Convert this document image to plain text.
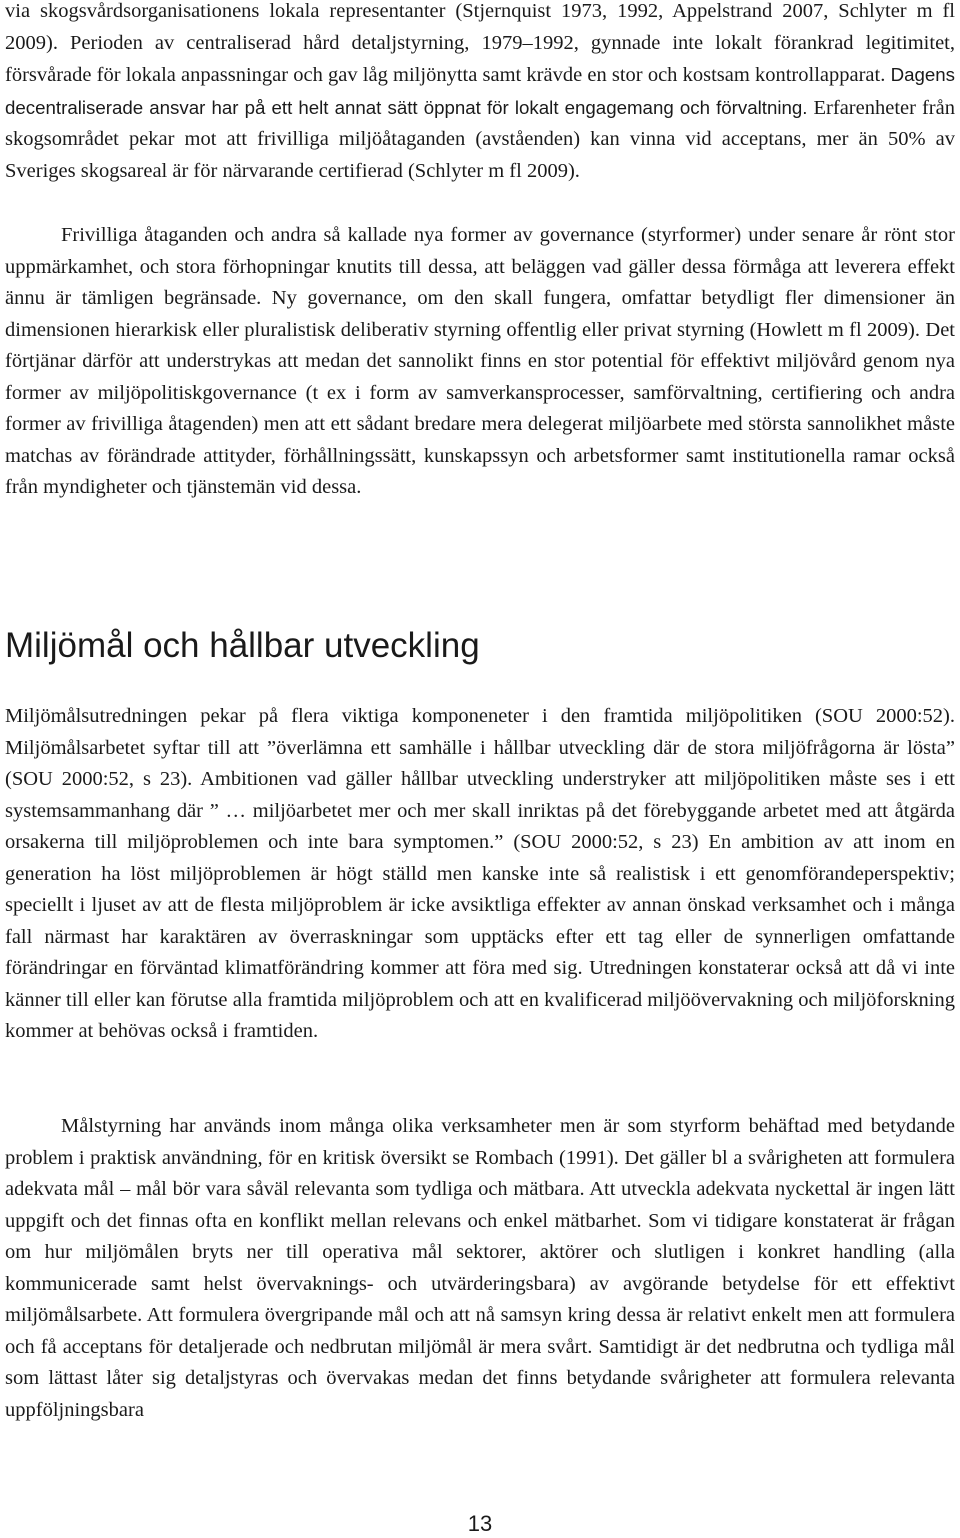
via skogsvårdsorganisationens lokala representanter (Stjernquist 1973, 1992, Appelstrand 2007, Schlyter m fl 2009). Perioden av centraliserad hård detaljstyrning, 1979–1992, gynnade inte lokalt förankrad legitimitet, försvårade för lokala anpassningar och gav låg miljönytta samt krävde en stor och kostsam kontrollapparat. Dagens decentraliserade ansvar har på ett helt annat sätt öppnat för lokalt engagemang och förvaltning. Erfarenheter från skogsområdet pekar mot att frivilliga miljöåtaganden (avståenden) kan vinna vid acceptans, mer än 50% av Sveriges skogsareal är för närvarande certifierad (Schlyter m fl 2009).

Frivilliga åtaganden och andra så kallade nya former av governance (styrformer) under senare år rönt stor uppmärkamhet, och stora förhopningar knutits till dessa, att beläggen vad gäller dessa förmåga att leverera effekt ännu är tämligen begränsade. Ny governance, om den skall fungera, omfattar betydligt fler dimensioner än dimensionen hierarkisk eller pluralistisk deliberativ styrning offentlig eller privat styrning (Howlett m fl 2009). Det förtjänar därför att understrykas att medan det sannolikt finns en stor potential för effektivt miljövård genom nya former av miljöpolitiskgovernance (t ex i form av samverkansprocesser, samförvaltning, certifiering och andra former av frivilliga åtagenden) men att ett sådant bredare mera delegerat miljöarbete med största sannolikhet måste matchas av förändrade attityder, förhållningssätt, kunskapssyn och arbetsformer samt institutionella ramar också från myndigheter och tjänstemän vid dessa.

Miljömål och hållbar utveckling

Miljömålsutredningen pekar på flera viktiga komponeneter i den framtida miljöpolitiken (SOU 2000:52). Miljömålsarbetet syftar till att ”överlämna ett samhälle i hållbar utveckling där de stora miljöfrågorna är lösta” (SOU 2000:52, s 23). Ambitionen vad gäller hållbar utveckling understryker att miljöpolitiken måste ses i ett systemsammanhang där ” … miljöarbetet mer och mer skall inriktas på det förebyggande arbetet med att åtgärda orsakerna till miljöproblemen och inte bara symptomen.” (SOU 2000:52, s 23) En ambition av att inom en generation ha löst miljöproblemen är högt ställd men kanske inte så realistisk i ett genomförandeperspektiv; speciellt i ljuset av att de flesta miljöproblem är icke avsiktliga effekter av annan önskad verksamhet och i många fall närmast har karaktären av överraskningar som upptäcks efter ett tag eller de synnerligen omfattande förändringar en förväntad klimatförändring kommer att föra med sig. Utredningen konstaterar också att då vi inte känner till eller kan förutse alla framtida miljöproblem och att en kvalificerad miljöövervakning och miljöforskning kommer at behövas också i framtiden.

Målstyrning har används inom många olika verksamheter men är som styrform behäftad med betydande problem i praktisk användning, för en kritisk översikt se Rombach (1991). Det gäller bl a svårigheten att formulera adekvata mål – mål bör vara såväl relevanta som tydliga och mätbara. Att utveckla adekvata nyckettal är ingen lätt uppgift och det finnas ofta en konflikt mellan relevans och enkel mätbarhet. Som vi tidigare konstaterat är frågan om hur miljömålen bryts ner till operativa mål sektorer, aktörer och slutligen i konkret handling (alla kommunicerade samt helst övervaknings- och utvärderingsbara) av avgörande betydelse för ett effektivt miljömålsarbete. Att formulera övergripande mål och att nå samsyn kring dessa är relativt enkelt men att formulera och få acceptans för detaljerade och nedbrutan miljömål är mera svårt. Samtidigt är det nedbrutna och tydliga mål som lättast låter sig detaljstyras och övervakas medan det finns betydande svårigheter att formulera relevanta uppföljningsbara

13
